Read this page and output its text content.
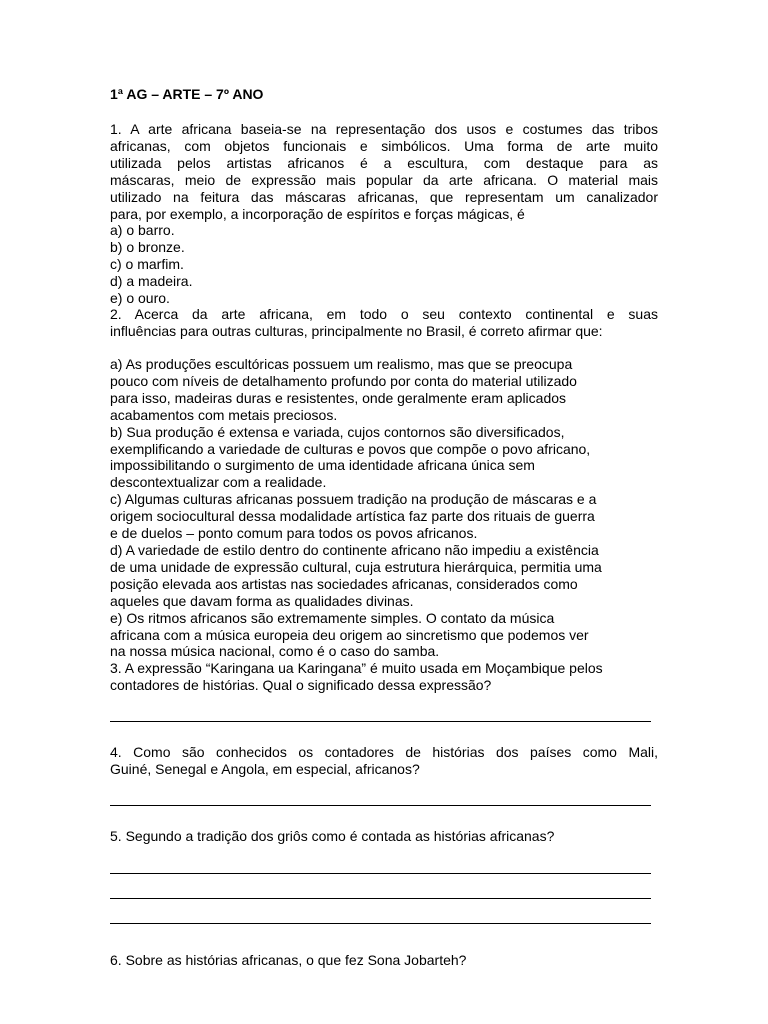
1ª AG – ARTE – 7º ANO
1. A arte africana baseia-se na representação dos usos e costumes das tribos
africanas, com objetos funcionais e simbólicos. Uma forma de arte muito
utilizada pelos artistas africanos é a escultura, com destaque para as
máscaras, meio de expressão mais popular da arte africana. O material mais
utilizado na feitura das máscaras africanas, que representam um canalizador
para, por exemplo, a incorporação de espíritos e forças mágicas, é
a) o barro.
b) o bronze.
c) o marfim.
d) a madeira.
e) o ouro.
2. Acerca da arte africana, em todo o seu contexto continental e suas
influências para outras culturas, principalmente no Brasil, é correto afirmar que:
a) As produções escultóricas possuem um realismo, mas que se preocupa
pouco com níveis de detalhamento profundo por conta do material utilizado
para isso, madeiras duras e resistentes, onde geralmente eram aplicados
acabamentos com metais preciosos.
b) Sua produção é extensa e variada, cujos contornos são diversificados,
exemplificando a variedade de culturas e povos que compõe o povo africano,
impossibilitando o surgimento de uma identidade africana única sem
descontextualizar com a realidade.
c) Algumas culturas africanas possuem tradição na produção de máscaras e a
origem sociocultural dessa modalidade artística faz parte dos rituais de guerra
e de duelos – ponto comum para todos os povos africanos.
d) A variedade de estilo dentro do continente africano não impediu a existência
de uma unidade de expressão cultural, cuja estrutura hierárquica, permitia uma
posição elevada aos artistas nas sociedades africanas, considerados como
aqueles que davam forma as qualidades divinas.
e) Os ritmos africanos são extremamente simples. O contato da música
africana com a música europeia deu origem ao sincretismo que podemos ver
na nossa música nacional, como é o caso do samba.
3. A expressão “Karingana ua Karingana” é muito usada em Moçambique pelos
contadores de histórias. Qual o significado dessa expressão?
4. Como são conhecidos os contadores de histórias dos países como Mali,
Guiné, Senegal e Angola, em especial, africanos?
5. Segundo a tradição dos griôs como é contada as histórias africanas?
6. Sobre as histórias africanas, o que fez Sona Jobarteh?
